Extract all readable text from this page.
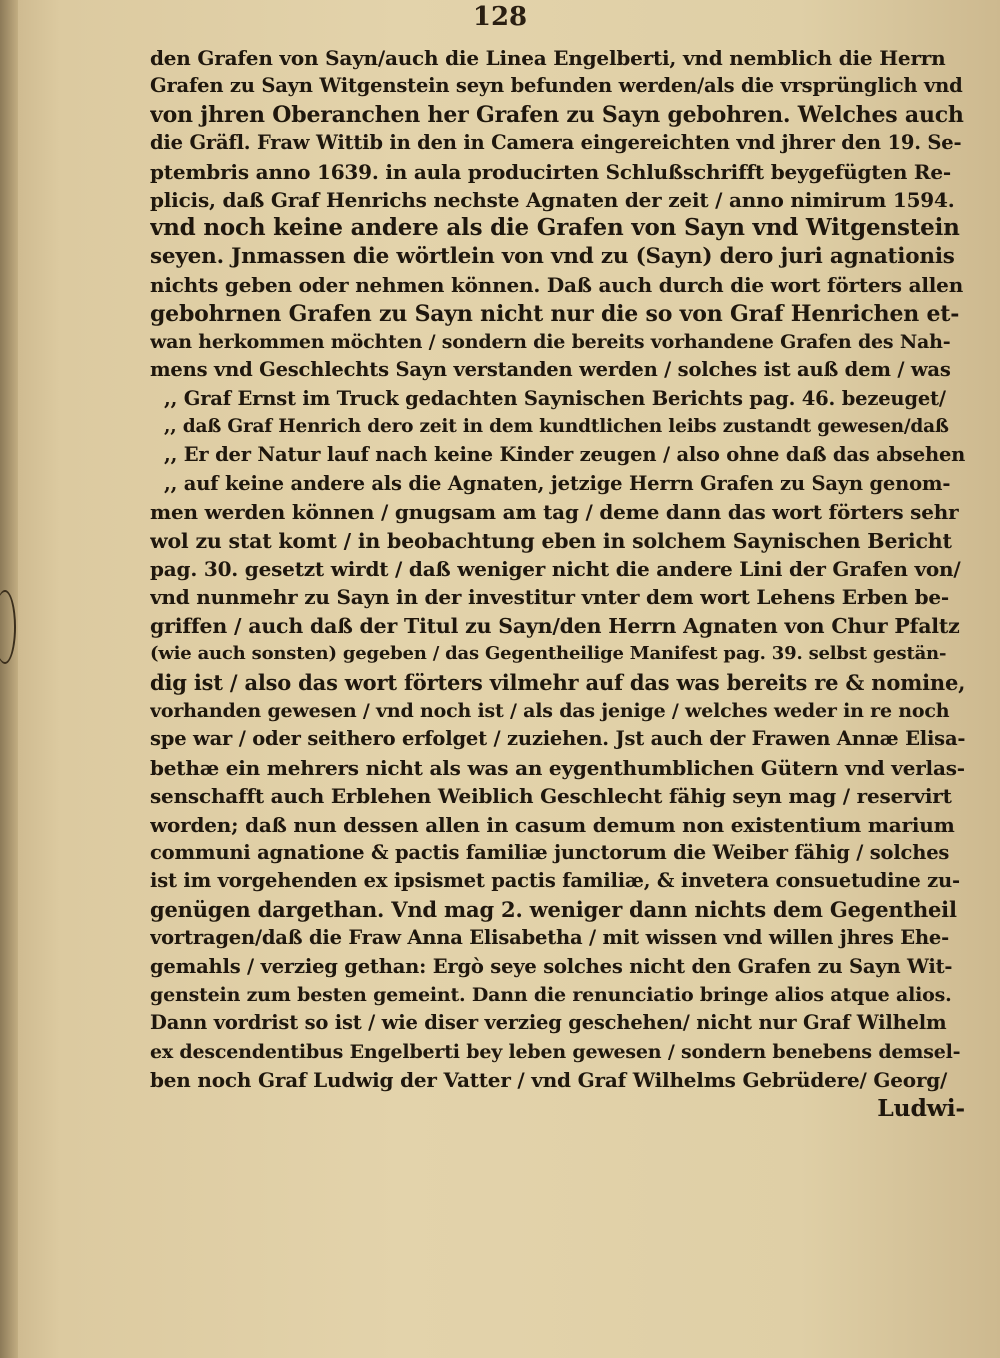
128
den Grafen von Sayn/auch die Linea Engelberti, vnd nemblich die Herrn
Grafen zu Sayn Witgenstein seyn befunden werden/als die vrsprünglich vnd
von jhren Oberanchen her Grafen zu Sayn gebohren. Welches auch
die Gräfl. Fraw Wittib in den in Camera eingereichten vnd jhrer den 19. Se-
ptembris anno 1639. in aula producirten Schlußschrifft beygefügten Re-
plicis, daß Graf Henrichs nechste Agnaten der zeit / anno nimirum 1594.
vnd noch keine andere als die Grafen von Sayn vnd Witgenstein
seyen. Jnmassen die wörtlein von vnd zu (Sayn) dero juri agnationis
nichts geben oder nehmen können. Daß auch durch die wort förters allen
gebohrnen Grafen zu Sayn nicht nur die so von Graf Henrichen et-
wan herkommen möchten / sondern die bereits vorhandene Grafen des Nah-
mens vnd Geschlechts Sayn verstanden werden / solches ist auß dem / was
,, Graf Ernst im Truck gedachten Saynischen Berichts pag. 46. bezeuget/
,, daß Graf Henrich dero zeit in dem kundtlichen leibs zustandt gewesen/daß
,, Er der Natur lauf nach keine Kinder zeugen / also ohne daß das absehen
,, auf keine andere als die Agnaten, jetzige Herrn Grafen zu Sayn genom-
men werden können / gnugsam am tag / deme dann das wort förters sehr
wol zu stat komt / in beobachtung eben in solchem Saynischen Bericht
pag. 30. gesetzt wirdt / daß weniger nicht die andere Lini der Grafen von/
vnd nunmehr zu Sayn in der investitur vnter dem wort Lehens Erben be-
griffen / auch daß der Titul zu Sayn/den Herrn Agnaten von Chur Pfaltz
(wie auch sonsten) gegeben / das Gegentheilige Manifest pag. 39. selbst gestän-
dig ist / also das wort förters vilmehr auf das was bereits re & nomine,
vorhanden gewesen / vnd noch ist / als das jenige / welches weder in re noch
spe war / oder seithero erfolget / zuziehen. Jst auch der Frawen Annæ Elisa-
bethæ ein mehrers nicht als was an eygenthumblichen Gütern vnd verlas-
senschafft auch Erblehen Weiblich Geschlecht fähig seyn mag / reservirt
worden; daß nun dessen allen in casum demum non existentium marium
communi agnatione & pactis familiæ junctorum die Weiber fähig / solches
ist im vorgehenden ex ipsismet pactis familiæ, & invetera consuetudine zu-
genügen dargethan. Vnd mag 2. weniger dann nichts dem Gegentheil
vortragen/daß die Fraw Anna Elisabetha / mit wissen vnd willen jhres Ehe-
gemahls / verzieg gethan: Ergò seye solches nicht den Grafen zu Sayn Wit-
genstein zum besten gemeint. Dann die renunciatio bringe alios atque alios.
Dann vordrist so ist / wie diser verzieg geschehen/ nicht nur Graf Wilhelm
ex descendentibus Engelberti bey leben gewesen / sondern benebens demsel-
ben noch Graf Ludwig der Vatter / vnd Graf Wilhelms Gebrüdere/ Georg/
Ludwi-
